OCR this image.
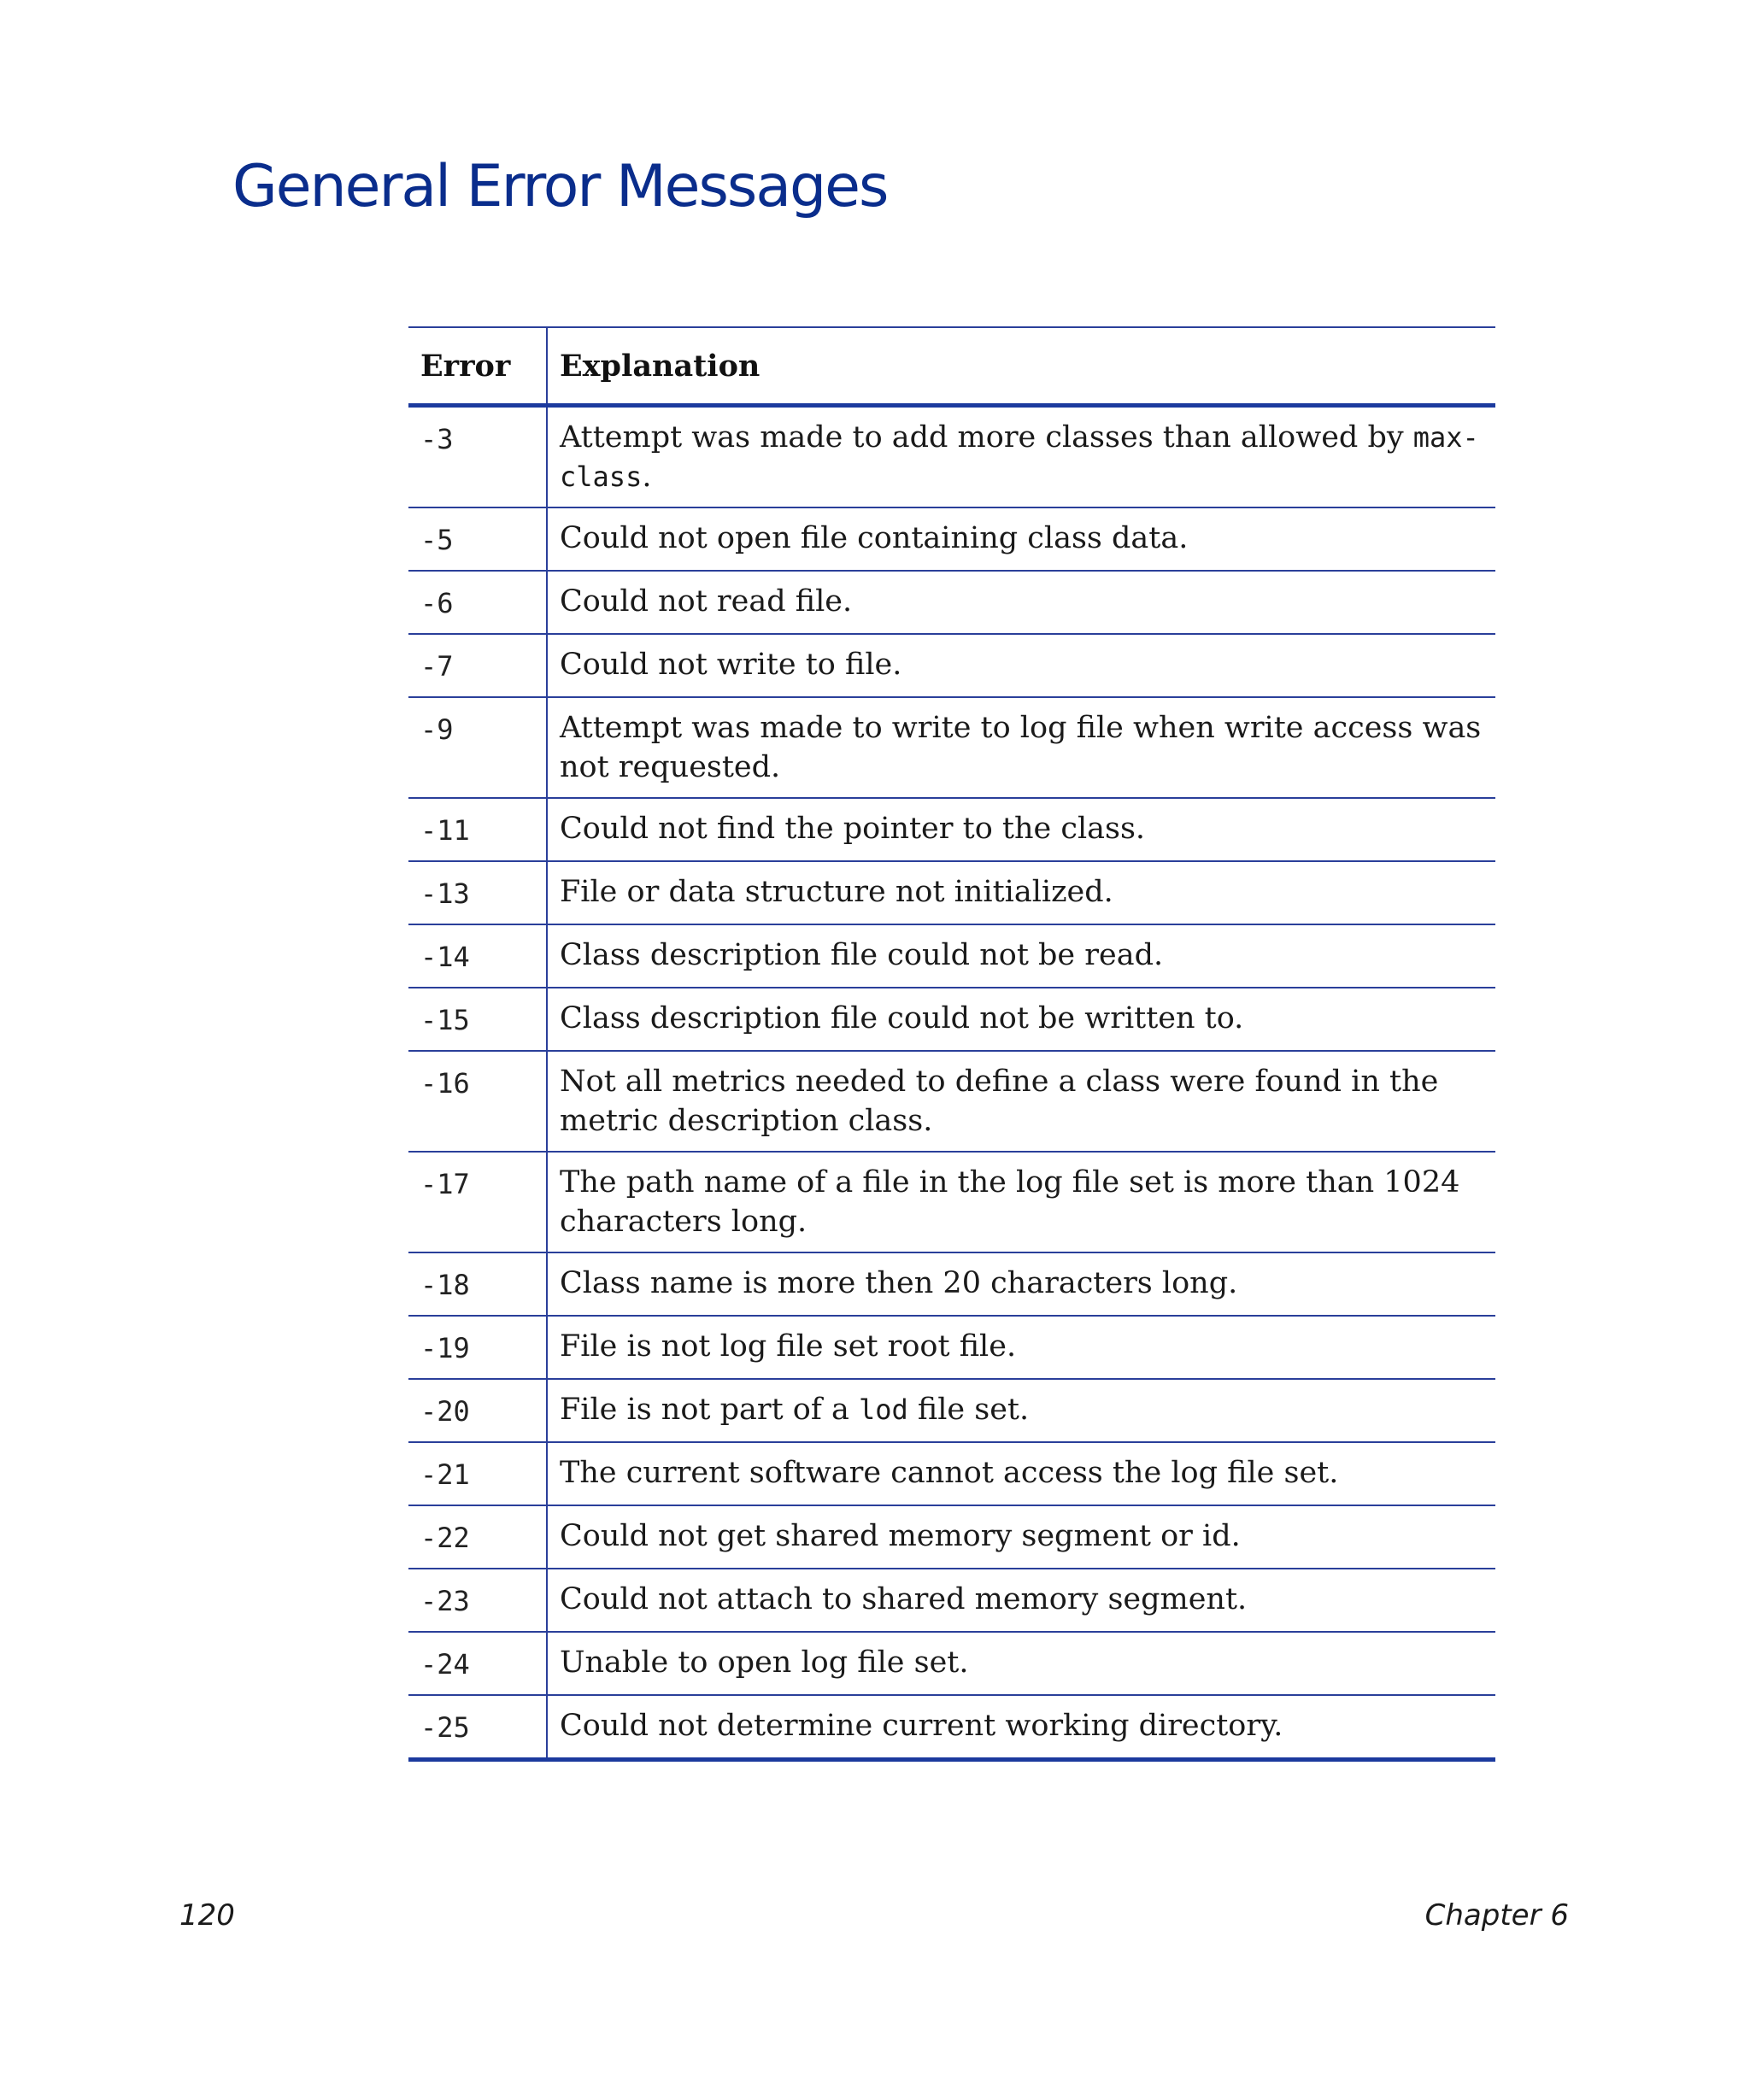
General Error Messages
Error	Explanation
-3	Attempt was made to add more classes than allowed by max-class.
-5	Could not open file containing class data.
-6	Could not read file.
-7	Could not write to file.
-9	Attempt was made to write to log file when write access was not requested.
-11	Could not find the pointer to the class.
-13	File or data structure not initialized.
-14	Class description file could not be read.
-15	Class description file could not be written to.
-16	Not all metrics needed to define a class were found in the metric description class.
-17	The path name of a file in the log file set is more than 1024 characters long.
-18	Class name is more then 20 characters long.
-19	File is not log file set root file.
-20	File is not part of a lod file set.
-21	The current software cannot access the log file set.
-22	Could not get shared memory segment or id.
-23	Could not attach to shared memory segment.
-24	Unable to open log file set.
-25	Could not determine current working directory.
120	Chapter 6
